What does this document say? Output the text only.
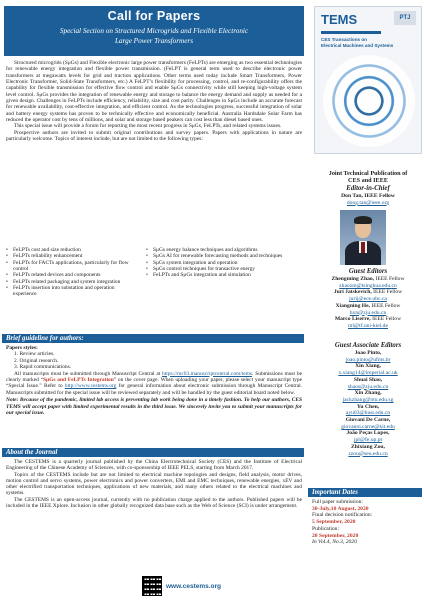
Call for Papers
Special Section on Structured Microgrids and Flexible Electronic
Large Power Transformers

Structured microgrids (SμGs) and Flexible electronic large power transformers (FeLPTs) are emerging as two essential technologies for renewable energy integration and flexible power transmission. (FeLPT is general term used to describe electronic power transformers at megawatts levels for grid and traction applications. Other terms used today include Smart Transformers, Power Electronic Transformer, Solid-State Transformers, etc.) A FeLPT’s flexibility for processing, control, and re-configurability offers the capability for flexible transmission for effective flow control and enable SμGs connectivity while still keeping high-voltage system level control. SμGs provides the integration of renewable energy and storage to balance the energy demand and supply as needed for a given design. Challenges in FeLPTs include efficiency, reliability, size and cost parity. Challenges in SμGs include an accurate forecast for renewable availability, cost-effective integration, and efficient control. As the technologies progress, successful integration of solar and battery energy systems has proven to be technically effective and economically beneficial. Australia Hardsdale Solar Farm has reduced the operator cost by tens of millions, and solar and storage based peakers can cost less than diesel based ones.

This special issue will provide a forum for reporting the most recent progress in SμGs, FeLPTs, and related systems issues.

Prospective authors are invited to submit original contributions and survey papers. Papers with applications in nature are particularly welcome. Topics of interest include, but are not limited to the following types:

• FeLPTs cost and size reduction
• FeLPTs reliability enhancement
• FeLPTs for FACTs applications, particularly for flow control
• FeLPTs related devices and components
• FeLPTs related packaging and system integration
• FeLPTs insertion into substation and operation experience
• SμGs energy balance techniques and algorithms
• SμGs AI for renewable forecasting methods and techniques
• SμGs system integration and operation
• SμGs control techniques for transactive energy
• FeLPTs and SμGs integration and simulation
Brief guideline for authors:
Papers styles:
1. Review articles.
2. Original research.
3. Rapid communications.

All manuscripts must be submitted through Manuscript Central at https://mc03.manuscriptcentral.com/tems. Submissions must be clearly marked “SμGs and FeLPTs Integration” on the cover page. When uploading your paper, please select your manuscript type “Special Issue.” Refer to http://www.cestems.org for general information about electronic submission through Manuscript Central. Manuscripts submitted for the special issue will be reviewed separately and will be handled by the guest editorial board noted below.

Note: Because of the pandemic, limited lab access is preventing lab work being done in a timely fashion. To help our authors, CES TEMS will accept paper with limited experimental results in the third issue. We sincerely invite you to submit your manuscripts for our special issue.

About the Journal

The CESTEMS is a quarterly journal published by the China Electrotechnical Society (CES) and the Institute of Electrical Engineering of the Chinese Academy of Sciences, with co-sponsorship of IEEE PELS, starting from March 2017.

Topics of the CESTEMS include but are not limited to electrical machine topologies and designs, field analysis, motor drives, motion control and servo systems, power electronics and power converters, EMI and EMC techniques, renewable energies, xEV and other electrified transportation techniques, applications of new materials, and many others related to the electrical machines and systems.

The CESTEMS is an open-access journal, currently with no publication charge applied to the authors. Published papers will be included in the IEEE Xplore. Inclusion in other globally recognized data base such as the Web of Science (SCI) is under arrangement.

www.cestems.org
TEMS	PTJ
CES Transactions on
Electrical Machines and Systems
Joint Technical Publication of
CES and IEEE
Editor-in-Chief
Don Tan, IEEE Fellow
dong.tan@ieee.org
Guest Editors
Zhengming Zhao, IEEE Fellow
zhaozm@tsinghua.edu.cn
Juri Jatskevich, IEEE Fellow
jurij@ece.ubc.ca
Xiangning He, IEEE Fellow
hxn@zju.edu.cn
Marco Liserre, IEEE Fellow
ml@tf.uni-kiel.de
Guest Associate Editors
Joao Pinto,
joao.pinto@ufms.br
Xin Xiang,
x.xiang14@imperial.ac.uk
Shuai Shao,
shaos@zju.edu.cn
Xin Zhang,
jackzhang@ntu.edu.sg
Yu Chen,
ayu03@hust.edu.cn
Giovani De Carne,
giovanni.carne@kit.edu
João Peças Lopes,
jpl@fe.up.pt
Zhixiang Zou,
zzou@seu.edu.cn
Important Dates
Full paper submission:
30-July,10 August, 2020
Final decision notification:
5 September, 2020
Publication:
20 September, 2020
In Vol.4, No.3, 2020
